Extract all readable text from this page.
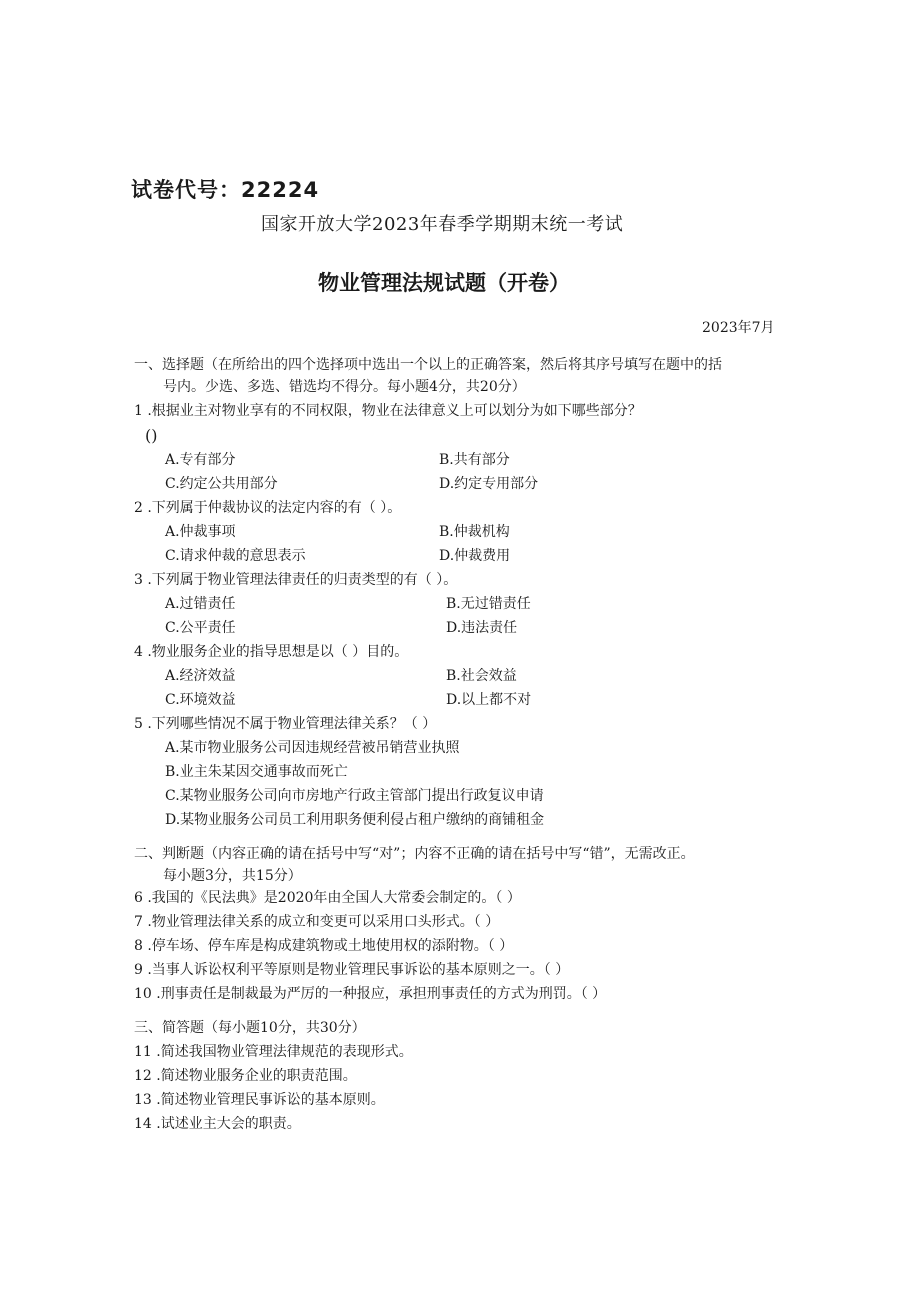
试卷代号：22224
国家开放大学2023年春季学期期末统一考试
物业管理法规试题（开卷）
2023年7月
一、选择题（在所给出的四个选择项中选出一个以上的正确答案，然后将其序号填写在题中的括
号内。少选、多选、错选均不得分。每小题4分，共20分）
1 .根据业主对物业享有的不同权限，物业在法律意义上可以划分为如下哪些部分？
()
A.专有部分	B.共有部分
C.约定公共用部分	D.约定专用部分
2 .下列属于仲裁协议的法定内容的有（ ）。
A.仲裁事项	B.仲裁机构
C.请求仲裁的意思表示	D.仲裁费用
3 .下列属于物业管理法律责任的归责类型的有（ ）。
A.过错责任	B.无过错责任
C.公平责任	D.违法责任
4 .物业服务企业的指导思想是以（ ）目的。
A.经济效益	B.社会效益
C.环境效益	D.以上都不对
5 .下列哪些情况不属于物业管理法律关系？（ ）
A.某市物业服务公司因违规经营被吊销营业执照
B.业主朱某因交通事故而死亡
C.某物业服务公司向市房地产行政主管部门提出行政复议申请
D.某物业服务公司员工利用职务便利侵占租户缴纳的商铺租金
二、判断题（内容正确的请在括号中写“对”；内容不正确的请在括号中写“错”，无需改正。
每小题3分，共15分）
6 .我国的《民法典》是2020年由全国人大常委会制定的。（ ）
7 .物业管理法律关系的成立和变更可以采用口头形式。（ ）
8 .停车场、停车库是构成建筑物或土地使用权的添附物。（ ）
9 .当事人诉讼权利平等原则是物业管理民事诉讼的基本原则之一。（ ）
10 .刑事责任是制裁最为严厉的一种报应，承担刑事责任的方式为刑罚。（ ）
三、简答题（每小题10分，共30分）
11 .简述我国物业管理法律规范的表现形式。
12 .简述物业服务企业的职责范围。
13 .简述物业管理民事诉讼的基本原则。
14 .试述业主大会的职责。
